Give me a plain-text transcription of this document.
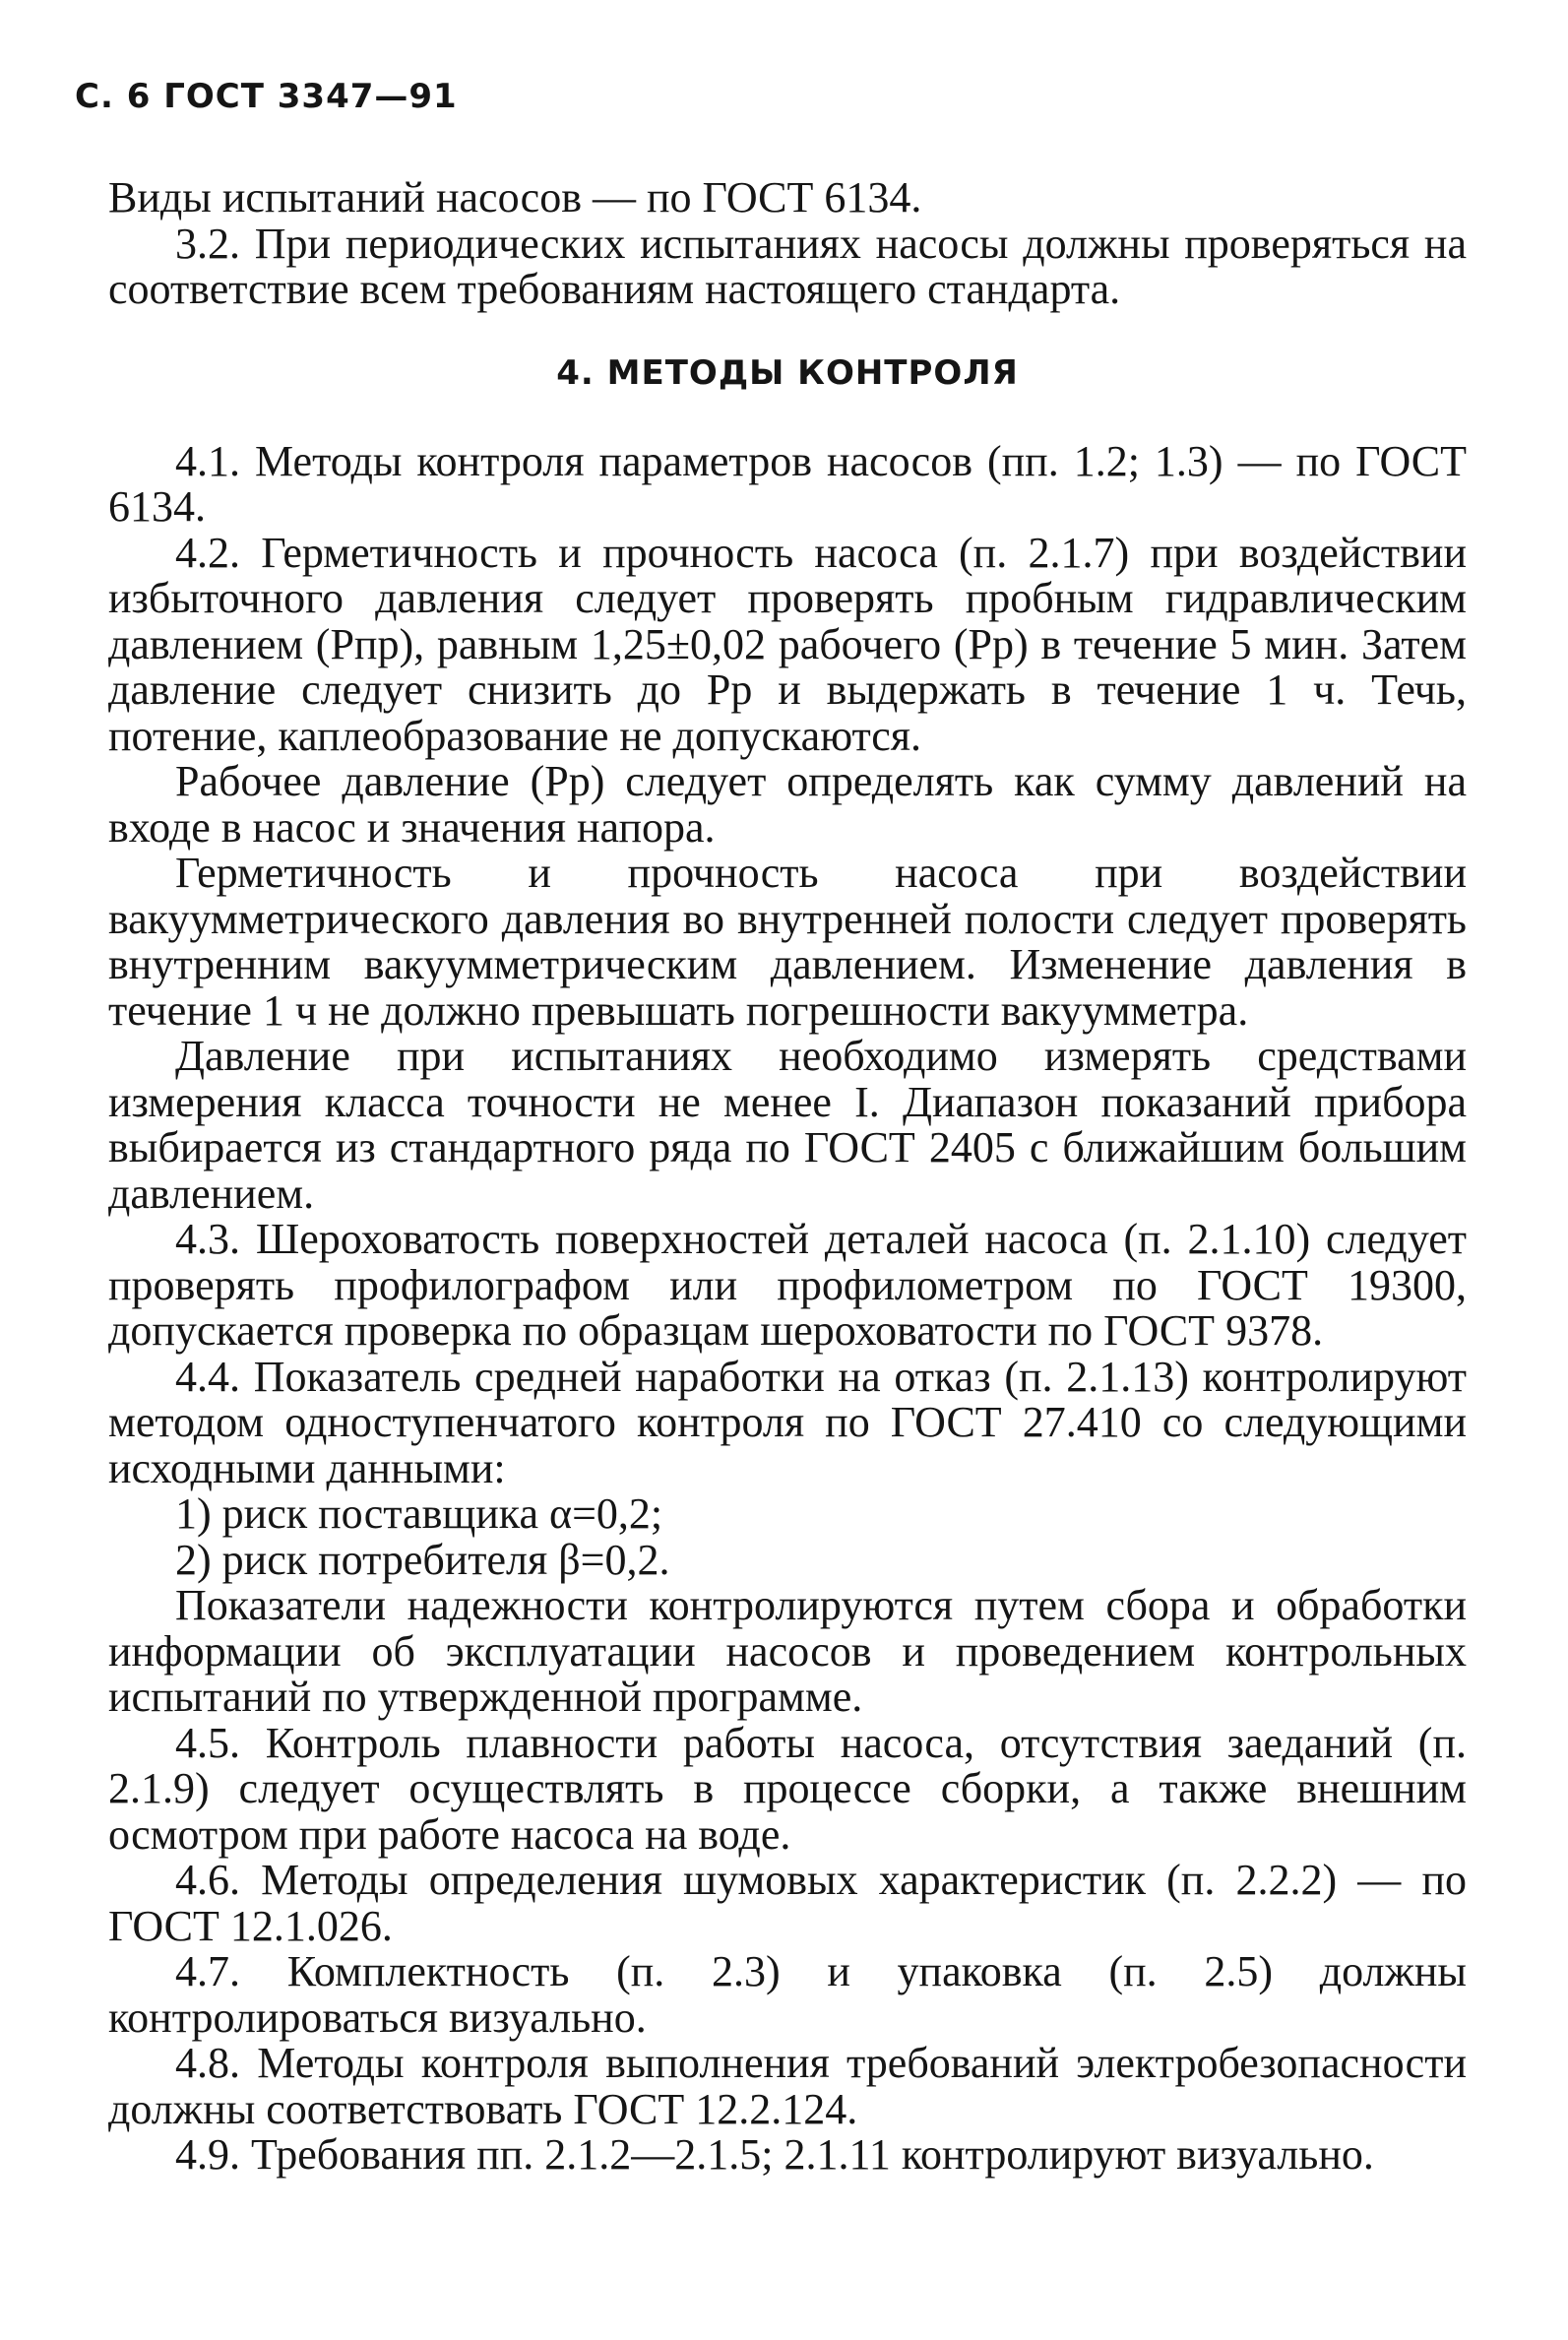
С. 6 ГОСТ 3347—91

Виды испытаний насосов — по ГОСТ 6134.

3.2. При периодических испытаниях насосы должны проверяться на соответствие всем требованиям настоящего стандарта.

4. МЕТОДЫ КОНТРОЛЯ

4.1. Методы контроля параметров насосов (пп. 1.2; 1.3) — по ГОСТ 6134.

4.2. Герметичность и прочность насоса (п. 2.1.7) при воздействии избыточного давления следует проверять пробным гидравлическим давлением (Pпр), равным 1,25±0,02 рабочего (Pр) в течение 5 мин. Затем давление следует снизить до Pр и выдержать в течение 1 ч. Течь, потение, каплеобразование не допускаются.

Рабочее давление (Pр) следует определять как сумму давлений на входе в насос и значения напора.

Герметичность и прочность насоса при воздействии вакуумметрического давления во внутренней полости следует проверять внутренним вакуумметрическим давлением. Изменение давления в течение 1 ч не должно превышать погрешности вакуумметра.

Давление при испытаниях необходимо измерять средствами измерения класса точности не менее I. Диапазон показаний прибора выбирается из стандартного ряда по ГОСТ 2405 с ближайшим большим давлением.

4.3. Шероховатость поверхностей деталей насоса (п. 2.1.10) следует проверять профилографом или профилометром по ГОСТ 19300, допускается проверка по образцам шероховатости по ГОСТ 9378.

4.4. Показатель средней наработки на отказ (п. 2.1.13) контролируют методом одноступенчатого контроля по ГОСТ 27.410 со следующими исходными данными:

1) риск поставщика α=0,2;

2) риск потребителя β=0,2.

Показатели надежности контролируются путем сбора и обработки информации об эксплуатации насосов и проведением контрольных испытаний по утвержденной программе.

4.5. Контроль плавности работы насоса, отсутствия заеданий (п. 2.1.9) следует осуществлять в процессе сборки, а также внешним осмотром при работе насоса на воде.

4.6. Методы определения шумовых характеристик (п. 2.2.2) — по ГОСТ 12.1.026.

4.7. Комплектность (п. 2.3) и упаковка (п. 2.5) должны контролироваться визуально.

4.8. Методы контроля выполнения требований электробезопасности должны соответствовать ГОСТ 12.2.124.

4.9. Требования пп. 2.1.2—2.1.5; 2.1.11 контролируют визуально.
